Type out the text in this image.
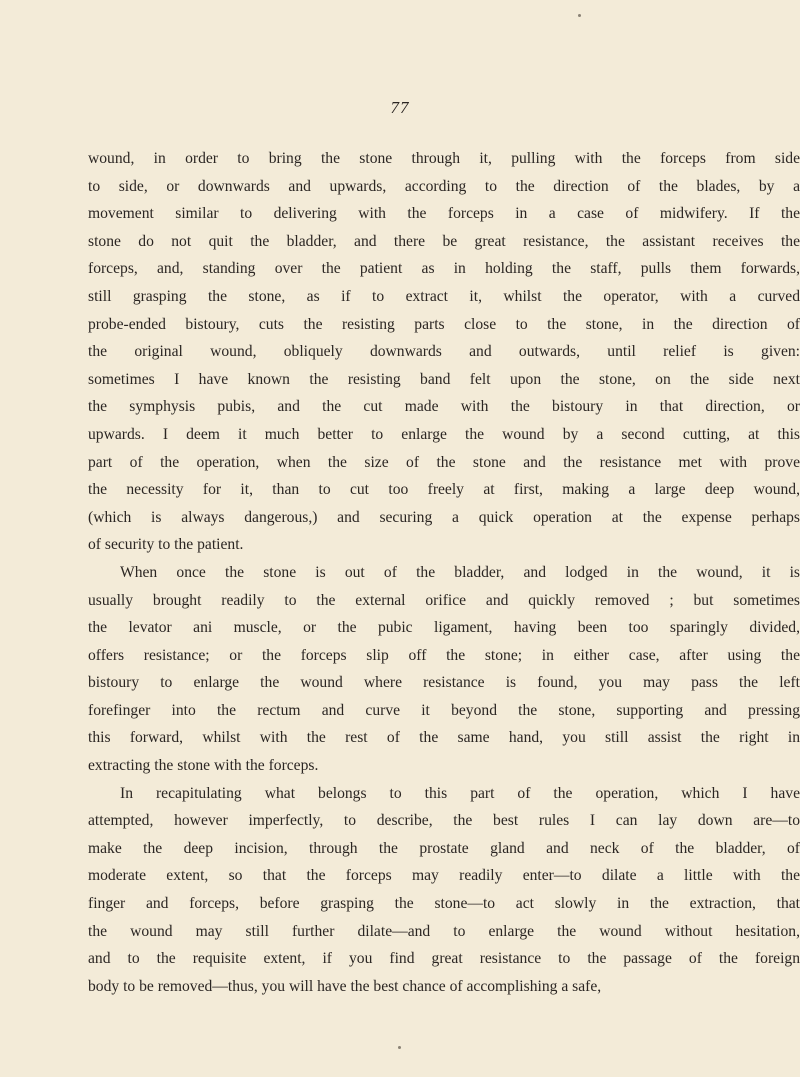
77
wound, in order to bring the stone through it, pulling with the forceps from side
to side, or downwards and upwards, according to the direction of the blades, by a
movement similar to delivering with the forceps in a case of midwifery. If the
stone do not quit the bladder, and there be great resistance, the assistant receives the
forceps, and, standing over the patient as in holding the staff, pulls them forwards,
still grasping the stone, as if to extract it, whilst the operator, with a curved
probe-ended bistoury, cuts the resisting parts close to the stone, in the direction of
the original wound, obliquely downwards and outwards, until relief is given:
sometimes I have known the resisting band felt upon the stone, on the side next
the symphysis pubis, and the cut made with the bistoury in that direction, or
upwards. I deem it much better to enlarge the wound by a second cutting, at this
part of the operation, when the size of the stone and the resistance met with prove
the necessity for it, than to cut too freely at first, making a large deep wound,
(which is always dangerous,) and securing a quick operation at the expense perhaps
of security to the patient.
When once the stone is out of the bladder, and lodged in the wound, it is
usually brought readily to the external orifice and quickly removed ; but sometimes
the levator ani muscle, or the pubic ligament, having been too sparingly divided,
offers resistance; or the forceps slip off the stone; in either case, after using the
bistoury to enlarge the wound where resistance is found, you may pass the left
forefinger into the rectum and curve it beyond the stone, supporting and pressing
this forward, whilst with the rest of the same hand, you still assist the right in
extracting the stone with the forceps.
In recapitulating what belongs to this part of the operation, which I have
attempted, however imperfectly, to describe, the best rules I can lay down are—to
make the deep incision, through the prostate gland and neck of the bladder, of
moderate extent, so that the forceps may readily enter—to dilate a little with the
finger and forceps, before grasping the stone—to act slowly in the extraction, that
the wound may still further dilate—and to enlarge the wound without hesitation,
and to the requisite extent, if you find great resistance to the passage of the foreign
body to be removed—thus, you will have the best chance of accomplishing a safe,
